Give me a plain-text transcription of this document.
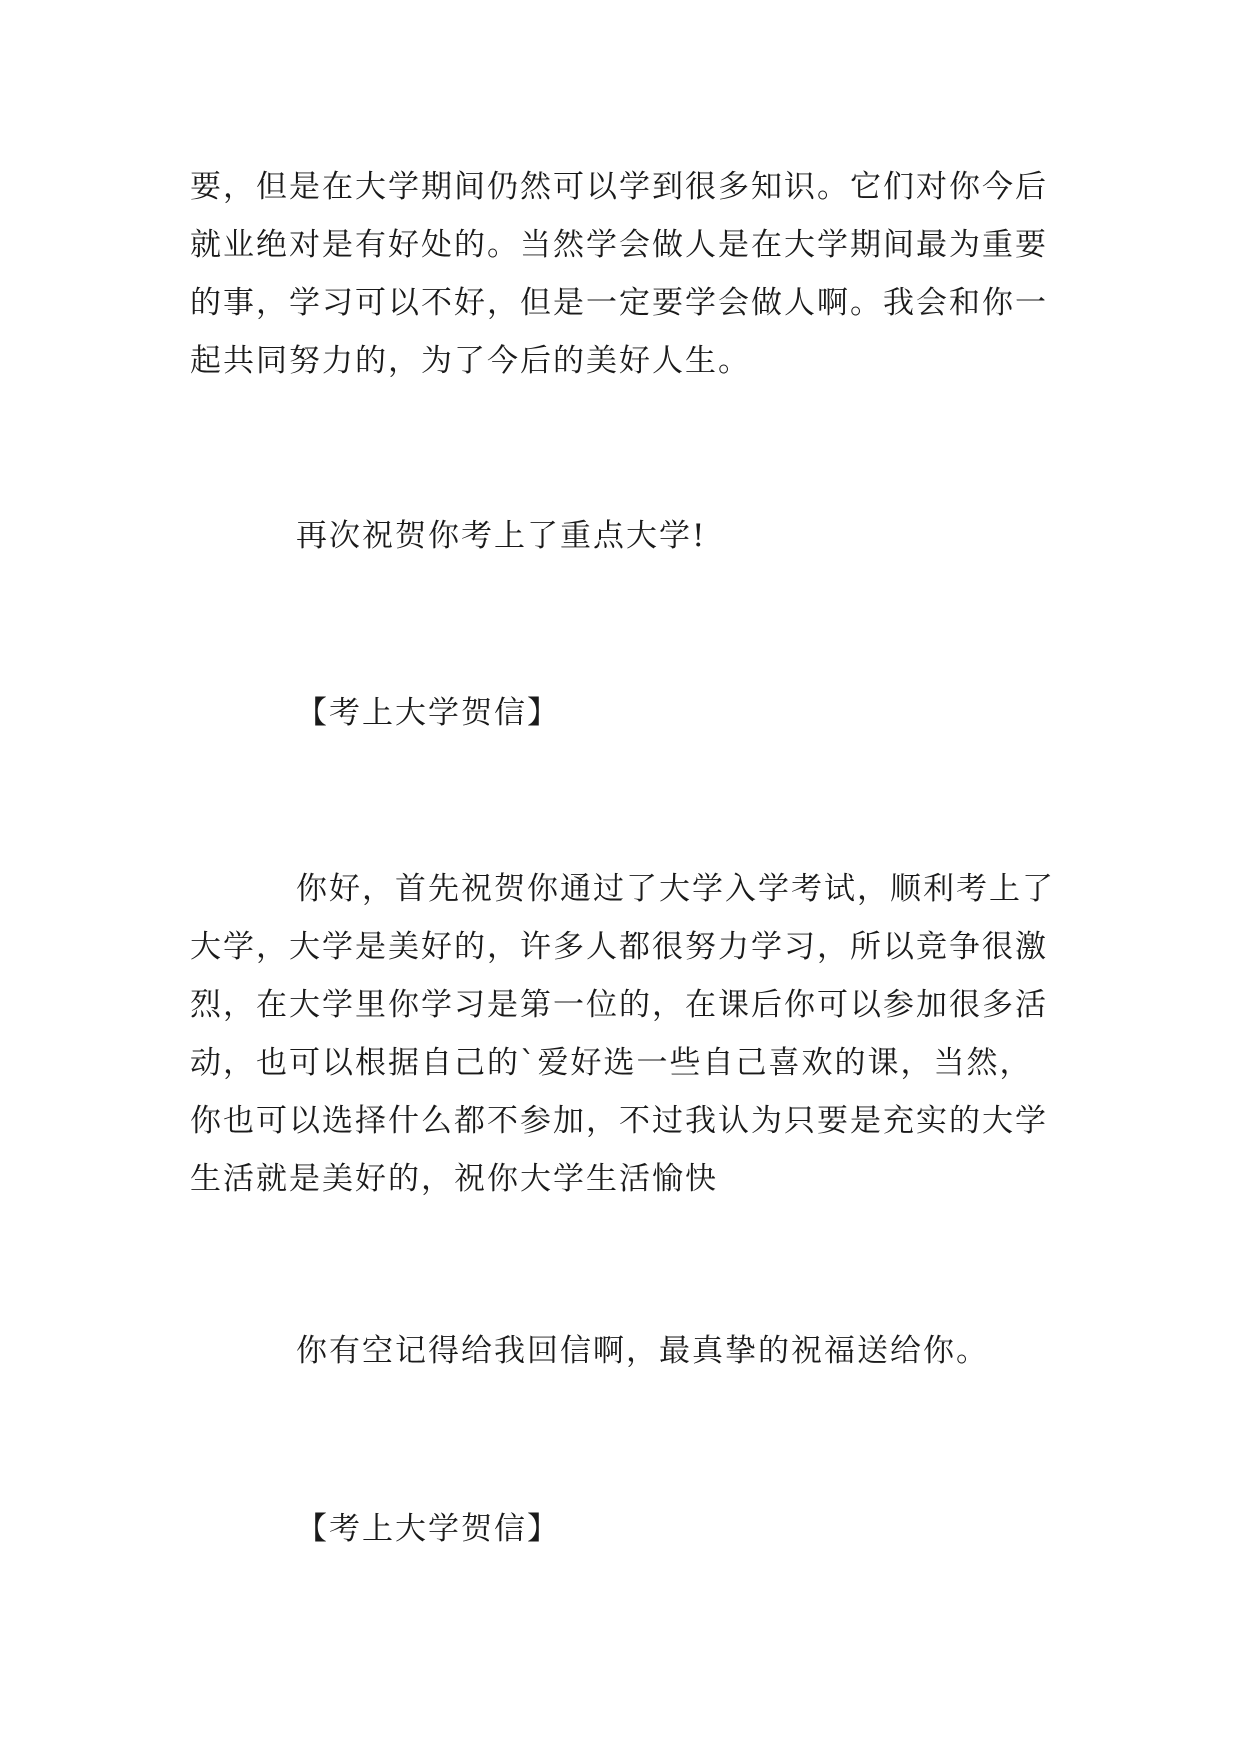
要，但是在大学期间仍然可以学到很多知识。它们对你今后
就业绝对是有好处的。当然学会做人是在大学期间最为重要
的事，学习可以不好，但是一定要学会做人啊。我会和你一
起共同努力的，为了今后的美好人生。
再次祝贺你考上了重点大学!
【考上大学贺信】
你好，首先祝贺你通过了大学入学考试，顺利考上了
大学，大学是美好的，许多人都很努力学习，所以竞争很激
烈，在大学里你学习是第一位的，在课后你可以参加很多活
动，也可以根据自己的`爱好选一些自己喜欢的课，当然，
你也可以选择什么都不参加，不过我认为只要是充实的大学
生活就是美好的，祝你大学生活愉快
你有空记得给我回信啊，最真挚的祝福送给你。
【考上大学贺信】
